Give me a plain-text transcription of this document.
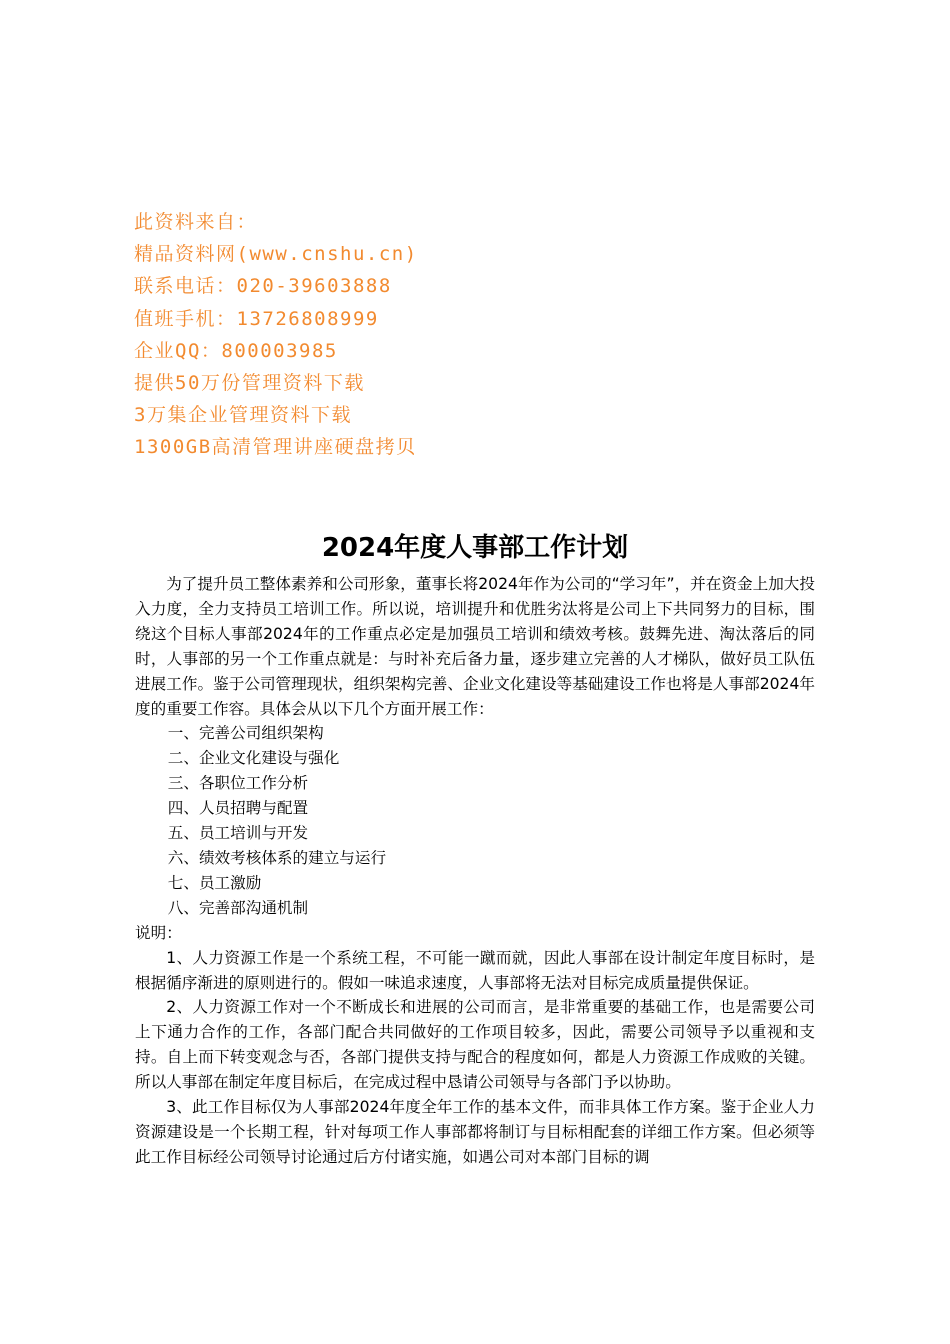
此资料来自：
精品资料网(www.cnshu.cn)
联系电话：020-39603888
值班手机：13726808999
企业QQ：800003985
提供50万份管理资料下载
3万集企业管理资料下载
1300GB高清管理讲座硬盘拷贝
2024年度人事部工作计划

为了提升员工整体素养和公司形象，董事长将2024年作为公司的“学习年”，并在资金上加大投入力度，全力支持员工培训工作。所以说，培训提升和优胜劣汰将是公司上下共同努力的目标，围绕这个目标人事部2024年的工作重点必定是加强员工培训和绩效考核。鼓舞先进、淘汰落后的同时，人事部的另一个工作重点就是：与时补充后备力量，逐步建立完善的人才梯队，做好员工队伍进展工作。鉴于公司管理现状，组织架构完善、企业文化建设等基础建设工作也将是人事部2024年度的重要工作容。具体会从以下几个方面开展工作：

一、完善公司组织架构
二、企业文化建设与强化
三、各职位工作分析
四、人员招聘与配置
五、员工培训与开发
六、绩效考核体系的建立与运行
七、员工激励
八、完善部沟通机制

说明：

1、人力资源工作是一个系统工程，不可能一蹴而就，因此人事部在设计制定年度目标时，是根据循序渐进的原则进行的。假如一味追求速度，人事部将无法对目标完成质量提供保证。

2、人力资源工作对一个不断成长和进展的公司而言，是非常重要的基础工作，也是需要公司上下通力合作的工作，各部门配合共同做好的工作项目较多，因此，需要公司领导予以重视和支持。自上而下转变观念与否，各部门提供支持与配合的程度如何，都是人力资源工作成败的关键。所以人事部在制定年度目标后，在完成过程中恳请公司领导与各部门予以协助。

3、此工作目标仅为人事部2024年度全年工作的基本文件，而非具体工作方案。鉴于企业人力资源建设是一个长期工程，针对每项工作人事部都将制订与目标相配套的详细工作方案。但必须等此工作目标经公司领导讨论通过后方付诸实施，如遇公司对本部门目标的调
